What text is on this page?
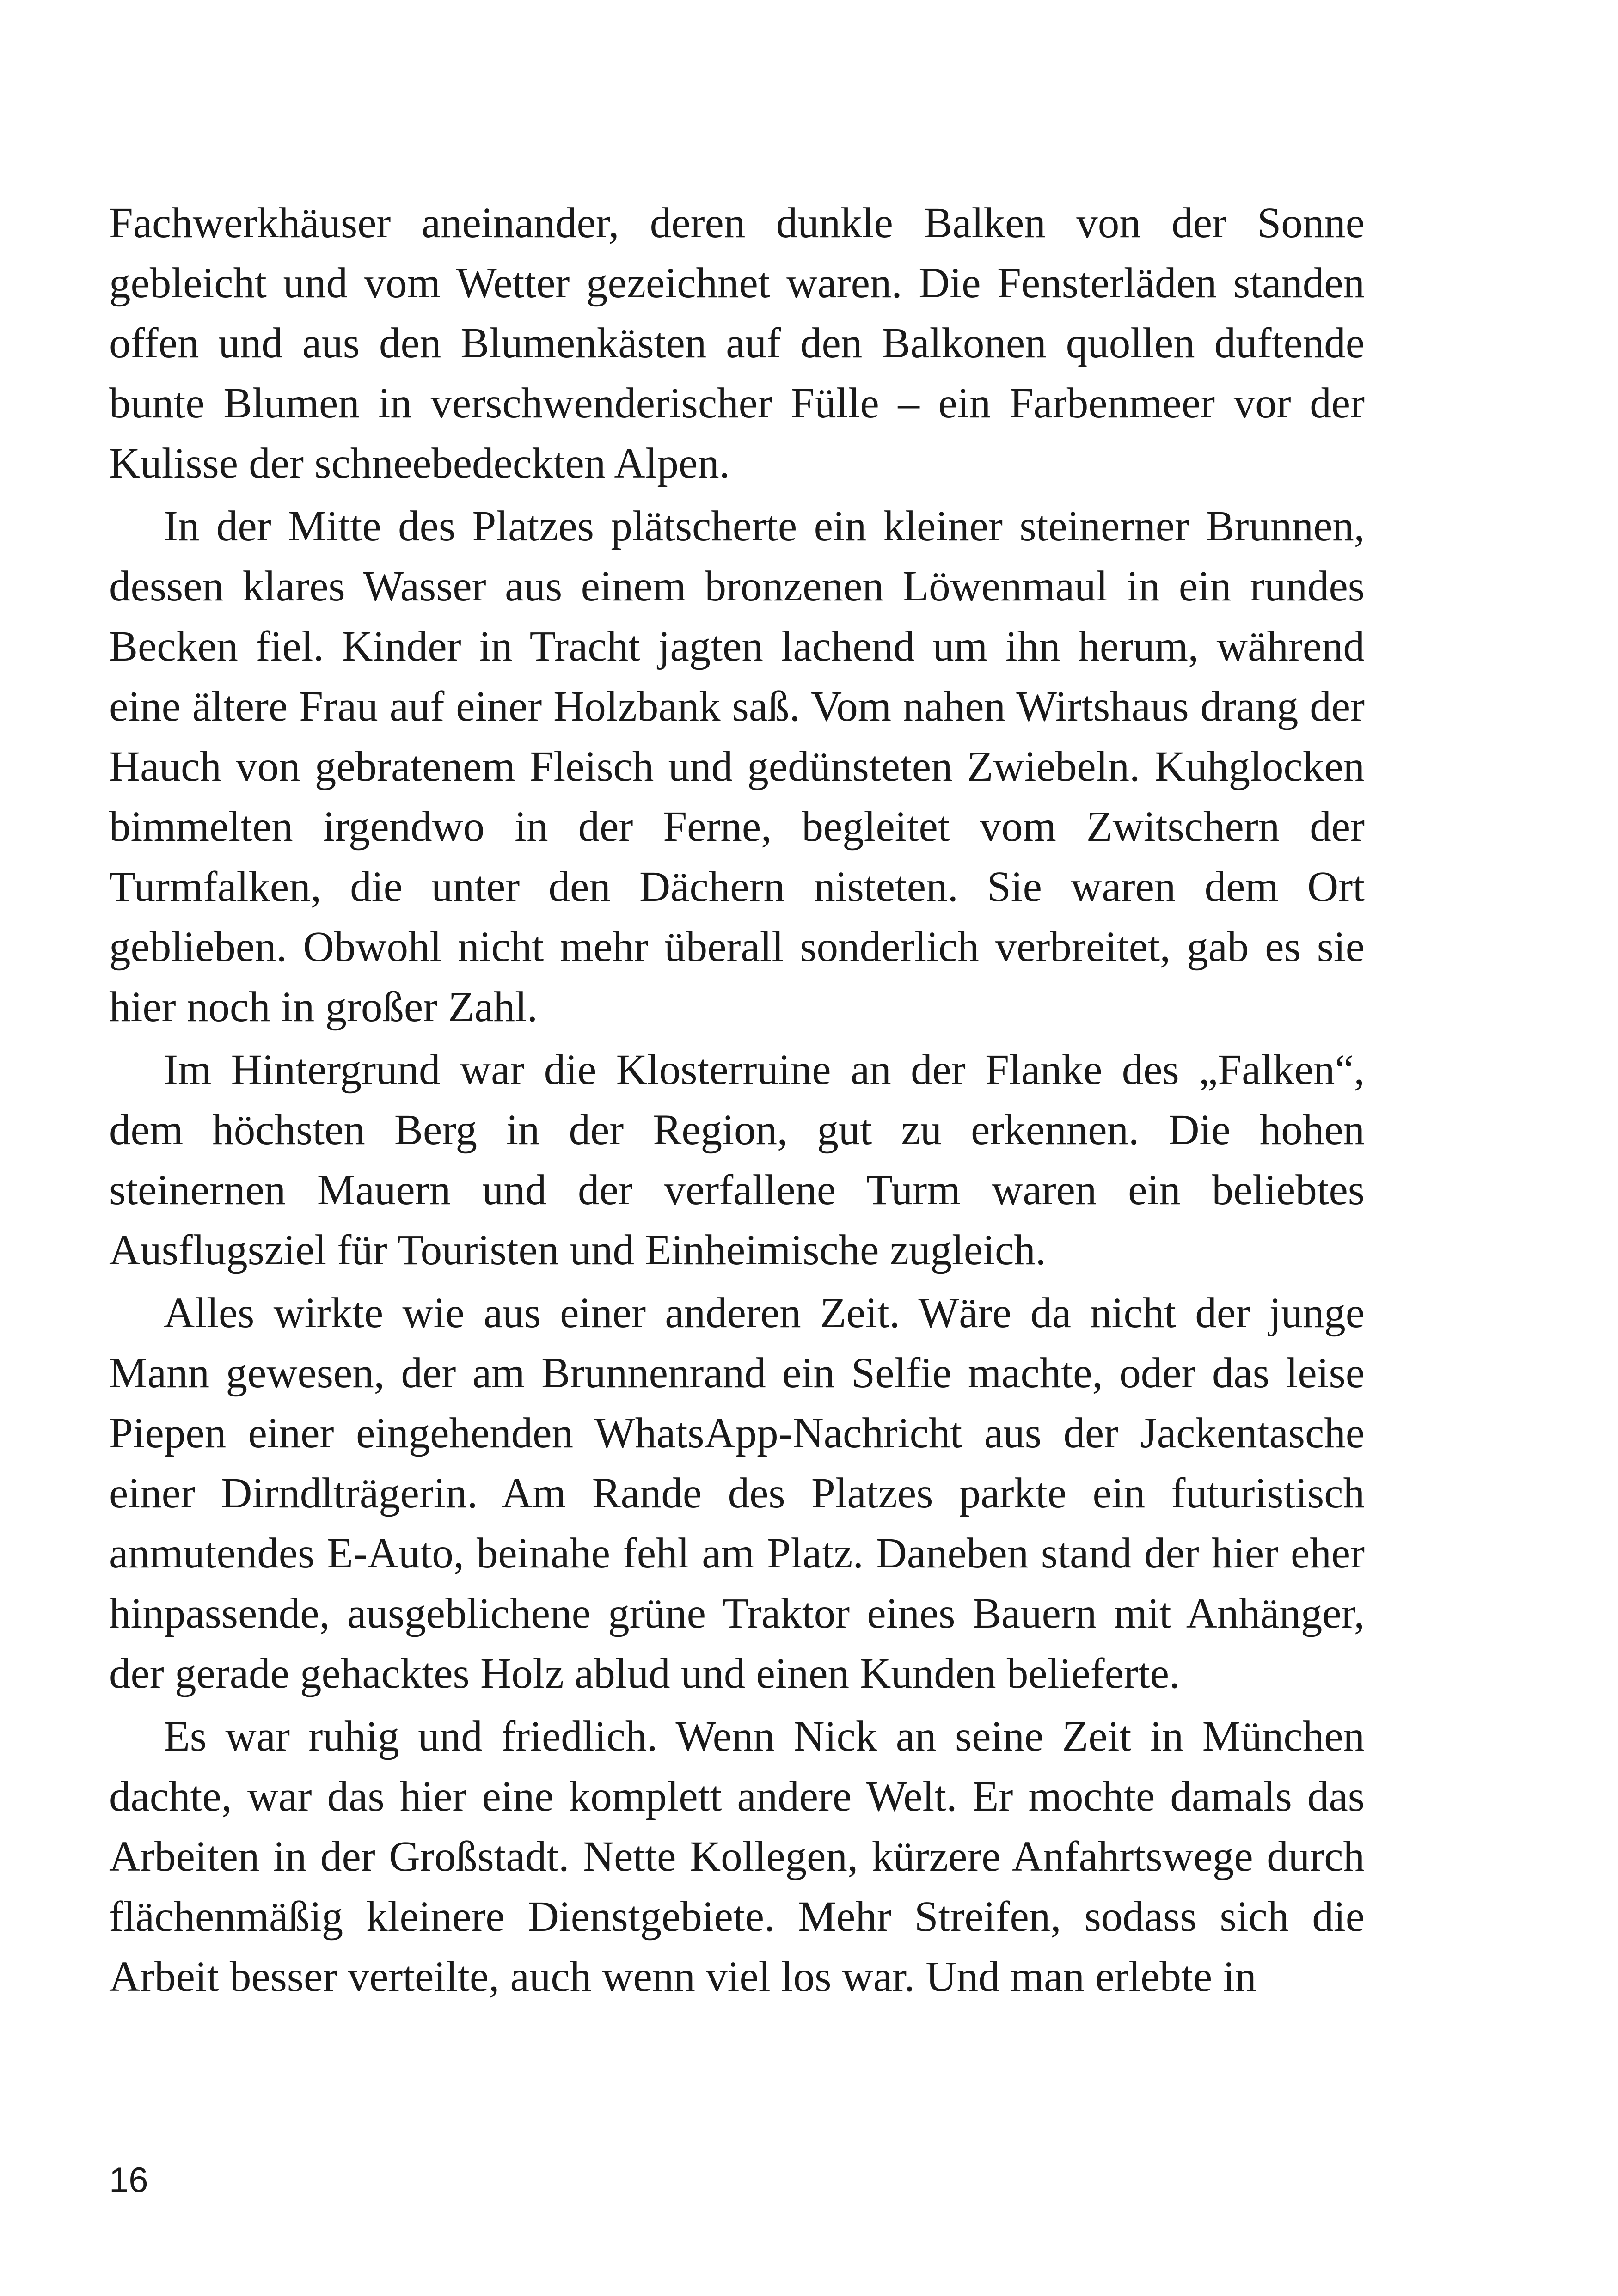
Fachwerkhäuser aneinander, deren dunkle Balken von der Sonne gebleicht und vom Wetter gezeichnet waren. Die Fensterläden standen offen und aus den Blumenkästen auf den Balkonen quollen duftende bunte Blumen in verschwenderischer Fülle – ein Farbenmeer vor der Kulisse der schneebedeckten Alpen.

In der Mitte des Platzes plätscherte ein kleiner steinerner Brunnen, dessen klares Wasser aus einem bronzenen Löwenmaul in ein rundes Becken fiel. Kinder in Tracht jagten lachend um ihn herum, während eine ältere Frau auf einer Holzbank saß. Vom nahen Wirtshaus drang der Hauch von gebratenem Fleisch und gedünsteten Zwiebeln. Kuhglocken bimmelten irgendwo in der Ferne, begleitet vom Zwitschern der Turmfalken, die unter den Dächern nisteten. Sie waren dem Ort geblieben. Obwohl nicht mehr überall sonderlich verbreitet, gab es sie hier noch in großer Zahl.

Im Hintergrund war die Klosterruine an der Flanke des „Falken“, dem höchsten Berg in der Region, gut zu erkennen. Die hohen steinernen Mauern und der verfallene Turm waren ein beliebtes Ausflugsziel für Touristen und Einheimische zugleich.

Alles wirkte wie aus einer anderen Zeit. Wäre da nicht der junge Mann gewesen, der am Brunnenrand ein Selfie machte, oder das leise Piepen einer eingehenden WhatsApp-Nachricht aus der Jackentasche einer Dirndlträgerin. Am Rande des Platzes parkte ein futuristisch anmutendes E-Auto, beinahe fehl am Platz. Daneben stand der hier eher hinpassende, ausgeblichene grüne Traktor eines Bauern mit Anhänger, der gerade gehacktes Holz ablud und einen Kunden belieferte.

Es war ruhig und friedlich. Wenn Nick an seine Zeit in München dachte, war das hier eine komplett andere Welt. Er mochte damals das Arbeiten in der Großstadt. Nette Kollegen, kürzere Anfahrtswege durch flächenmäßig kleinere Dienstgebiete. Mehr Streifen, sodass sich die Arbeit besser verteilte, auch wenn viel los war. Und man erlebte in

16
